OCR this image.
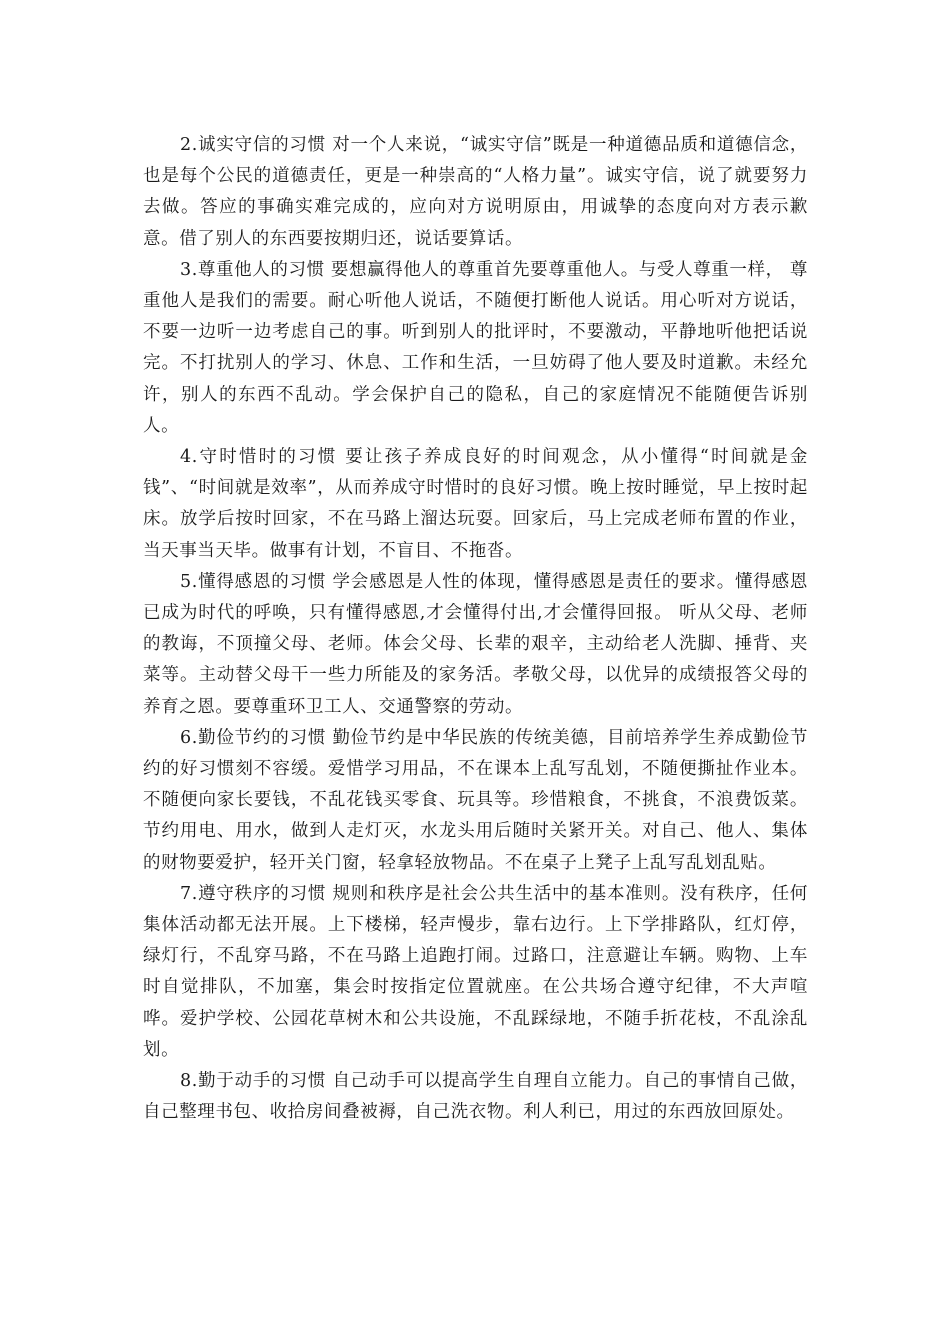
2.诚实守信的习惯 对一个人来说，“诚实守信”既是一种道德品质和道德信念，也是每个公民的道德责任，更是一种崇高的“人格力量”。诚实守信，说了就要努力去做。答应的事确实难完成的，应向对方说明原由，用诚挚的态度向对方表示歉意。借了别人的东西要按期归还，说话要算话。

3.尊重他人的习惯 要想赢得他人的尊重首先要尊重他人。与受人尊重一样， 尊重他人是我们的需要。耐心听他人说话，不随便打断他人说话。用心听对方说话，不要一边听一边考虑自己的事。听到别人的批评时，不要激动，平静地听他把话说完。不打扰别人的学习、休息、工作和生活，一旦妨碍了他人要及时道歉。未经允许，别人的东西不乱动。学会保护自己的隐私，自己的家庭情况不能随便告诉别人。

4.守时惜时的习惯 要让孩子养成良好的时间观念，从小懂得“时间就是金钱”、“时间就是效率”，从而养成守时惜时的良好习惯。晚上按时睡觉，早上按时起床。放学后按时回家，不在马路上溜达玩耍。回家后，马上完成老师布置的作业，当天事当天毕。做事有计划，不盲目、不拖沓。

5.懂得感恩的习惯 学会感恩是人性的体现，懂得感恩是责任的要求。懂得感恩已成为时代的呼唤，只有懂得感恩,才会懂得付出,才会懂得回报。 听从父母、老师的教诲，不顶撞父母、老师。体会父母、长辈的艰辛，主动给老人洗脚、捶背、夹菜等。主动替父母干一些力所能及的家务活。孝敬父母，以优异的成绩报答父母的养育之恩。要尊重环卫工人、交通警察的劳动。

6.勤俭节约的习惯 勤俭节约是中华民族的传统美德，目前培养学生养成勤俭节约的好习惯刻不容缓。爱惜学习用品，不在课本上乱写乱划，不随便撕扯作业本。不随便向家长要钱，不乱花钱买零食、玩具等。珍惜粮食，不挑食，不浪费饭菜。节约用电、用水，做到人走灯灭，水龙头用后随时关紧开关。对自己、他人、集体的财物要爱护，轻开关门窗，轻拿轻放物品。不在桌子上凳子上乱写乱划乱贴。

7.遵守秩序的习惯 规则和秩序是社会公共生活中的基本准则。没有秩序，任何集体活动都无法开展。上下楼梯，轻声慢步，靠右边行。上下学排路队，红灯停，绿灯行，不乱穿马路，不在马路上追跑打闹。过路口，注意避让车辆。购物、上车时自觉排队，不加塞，集会时按指定位置就座。在公共场合遵守纪律，不大声喧哗。爱护学校、公园花草树木和公共设施，不乱踩绿地，不随手折花枝，不乱涂乱划。

8.勤于动手的习惯 自己动手可以提高学生自理自立能力。自己的事情自己做，自己整理书包、收拾房间叠被褥，自己洗衣物。利人利已，用过的东西放回原处。
